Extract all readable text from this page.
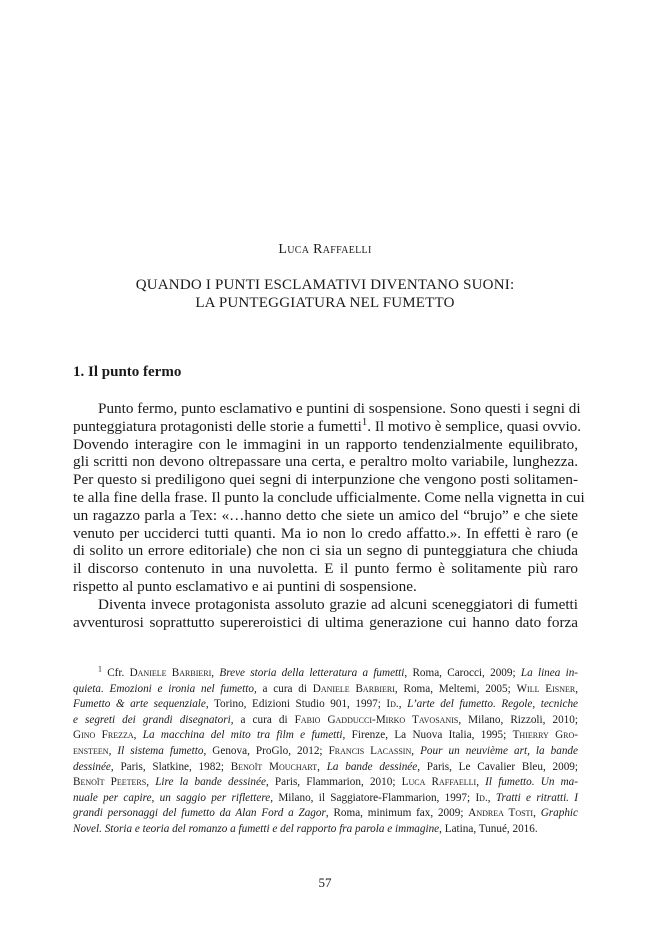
Luca Raffaelli
QUANDO I PUNTI ESCLAMATIVI DIVENTANO SUONI:
LA PUNTEGGIATURA NEL FUMETTO
1. Il punto fermo
Punto fermo, punto esclamativo e puntini di sospensione. Sono questi i segni di
punteggiatura protagonisti delle storie a fumetti$^1$. Il motivo è semplice, quasi ovvio.
Dovendo interagire con le immagini in un rapporto tendenzialmente equilibrato,
gli scritti non devono oltrepassare una certa, e peraltro molto variabile, lunghezza.
Per questo si prediligono quei segni di interpunzione che vengono posti solitamen-
te alla fine della frase. Il punto la conclude ufficialmente. Come nella vignetta in cui
un ragazzo parla a Tex: «…hanno detto che siete un amico del “brujo” e che siete
venuto per ucciderci tutti quanti. Ma io non lo credo affatto.». In effetti è raro (e
di solito un errore editoriale) che non ci sia un segno di punteggiatura che chiuda
il discorso contenuto in una nuvoletta. E il punto fermo è solitamente più raro
rispetto al punto esclamativo e ai puntini di sospensione.
Diventa invece protagonista assoluto grazie ad alcuni sceneggiatori di fumetti
avventurosi soprattutto supereroistici di ultima generazione cui hanno dato forza
$^1$ Cfr. Daniele Barbieri, Breve storia della letteratura a fumetti, Roma, Carocci, 2009; La linea in-
quieta. Emozioni e ironia nel fumetto, a cura di Daniele Barbieri, Roma, Meltemi, 2005; Will Eisner,
Fumetto & arte sequenziale, Torino, Edizioni Studio 901, 1997; Id., L’arte del fumetto. Regole, tecniche
e segreti dei grandi disegnatori, a cura di Fabio Gadducci-Mirko Tavosanis, Milano, Rizzoli, 2010;
Gino Frezza, La macchina del mito tra film e fumetti, Firenze, La Nuova Italia, 1995; Thierry Gro-
ensteen, Il sistema fumetto, Genova, ProGlo, 2012; Francis Lacassin, Pour un neuvième art, la bande
dessinée, Paris, Slatkine, 1982; Benoît Mouchart, La bande dessinée, Paris, Le Cavalier Bleu, 2009;
Benoît Peeters, Lire la bande dessinée, Paris, Flammarion, 2010; Luca Raffaelli, Il fumetto. Un ma-
nuale per capire, un saggio per riflettere, Milano, il Saggiatore-Flammarion, 1997; Id., Tratti e ritratti. I
grandi personaggi del fumetto da Alan Ford a Zagor, Roma, minimum fax, 2009; Andrea Tosti, Graphic
Novel. Storia e teoria del romanzo a fumetti e del rapporto fra parola e immagine, Latina, Tunué, 2016.
57
